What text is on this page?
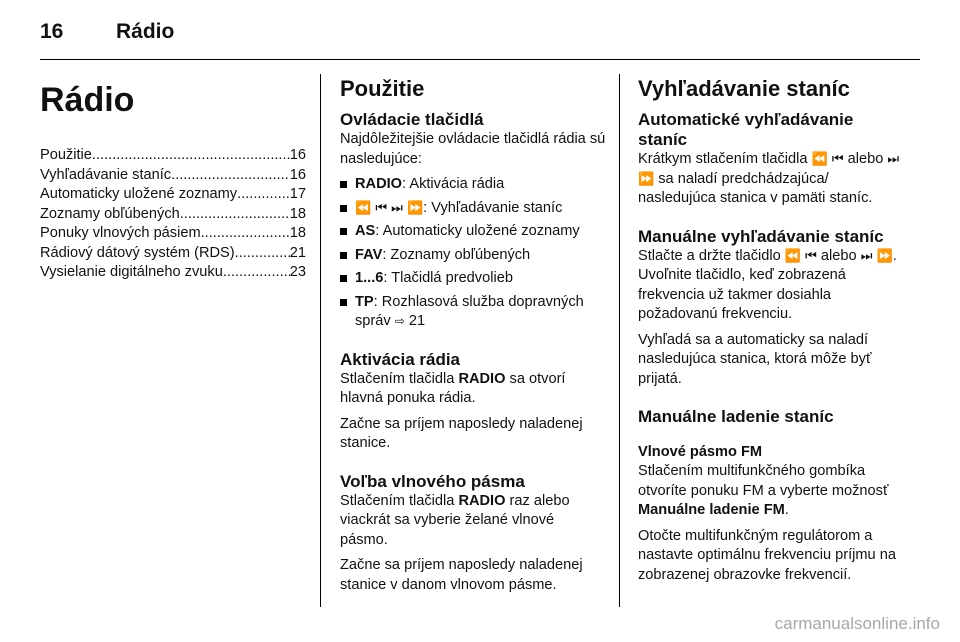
16	Rádio
Rádio
Použitie .....	16
Vyhľadávanie staníc .....	16
Automaticky uložené zoznamy .....	17
Zoznamy obľúbených .....	18
Ponuky vlnových pásiem .....	18
Rádiový dátový systém (RDS) .....	21
Vysielanie digitálneho zvuku .....	23
Použitie
Ovládacie tlačidlá

Najdôležitejšie ovládacie tlačidlá rádia sú nasledujúce:

RADIO: Aktivácia rádia
⏪ ⏮ ⏭ ⏩: Vyhľadávanie staníc
AS: Automaticky uložené zoznamy
FAV: Zoznamy obľúbených
1...6: Tlačidlá predvolieb
TP: Rozhlasová služba dopravných správ ⇨ 21
Aktivácia rádia

Stlačením tlačidla RADIO sa otvorí hlavná ponuka rádia.

Začne sa príjem naposledy naladenej stanice.

Voľba vlnového pásma

Stlačením tlačidla RADIO raz alebo viackrát sa vyberie želané vlnové pásmo.

Začne sa príjem naposledy naladenej stanice v danom vlnovom pásme.

Vyhľadávanie staníc
Automatické vyhľadávanie staníc

Krátkym stlačením tlačidla ⏪ ⏮ alebo ⏭ ⏩ sa naladí predchádzajúca/ nasledujúca stanica v pamäti staníc.

Manuálne vyhľadávanie staníc

Stlačte a držte tlačidlo ⏪ ⏮ alebo ⏭ ⏩. Uvoľnite tlačidlo, keď zobrazená frekvencia už takmer dosiahla požadovanú frekvenciu.

Vyhľadá sa a automaticky sa naladí nasledujúca stanica, ktorá môže byť prijatá.

Manuálne ladenie staníc
Vlnové pásmo FM

Stlačením multifunkčného gombíka otvoríte ponuku FM a vyberte možnosť Manuálne ladenie FM.

Otočte multifunkčným regulátorom a nastavte optimálnu frekvenciu príjmu na zobrazenej obrazovke frekvencií.

carmanualsonline.info
